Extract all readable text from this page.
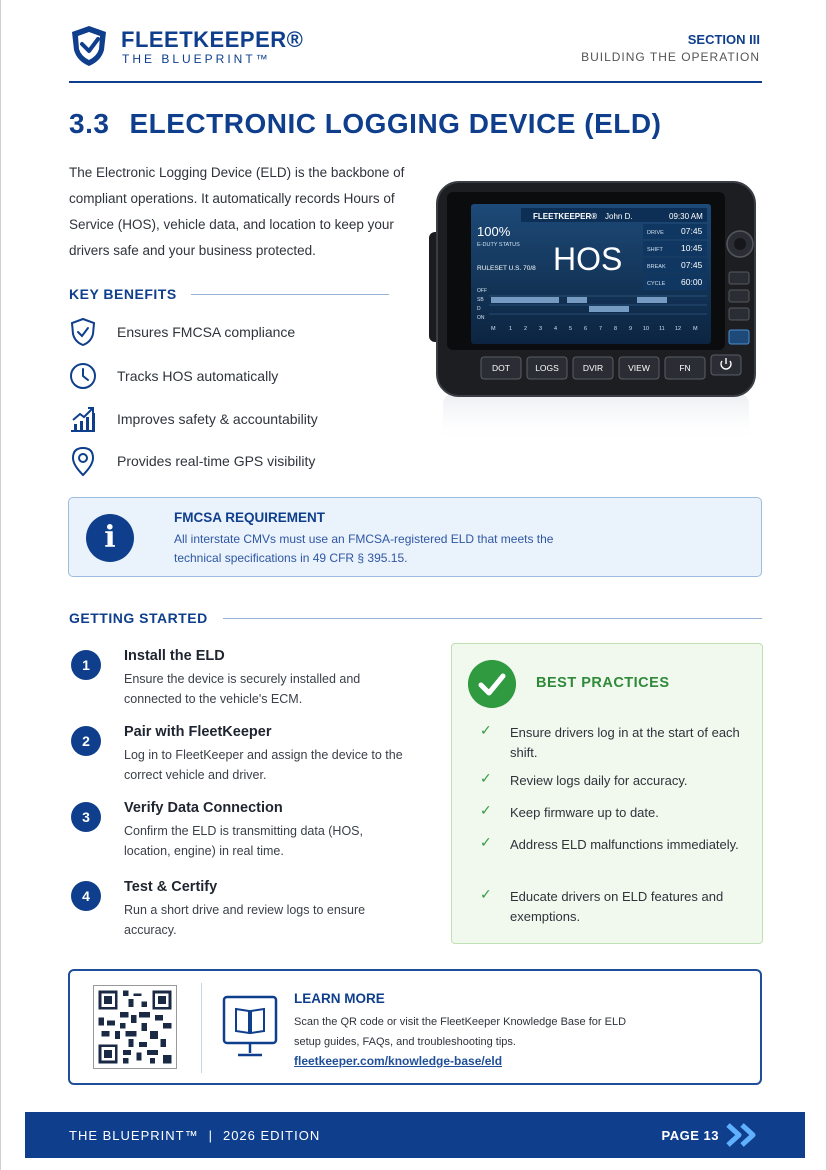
FLEETKEEPER®
THE BLUEPRINT™
SECTION III
BUILDING THE OPERATION
3.3 ELECTRONIC LOGGING DEVICE (ELD)
The Electronic Logging Device (ELD) is the backbone of compliant operations. It automatically records Hours of Service (HOS), vehicle data, and location to keep your drivers safe and your business protected.
FLEETKEEPER® John D.	09:30 AM
100%
E-DUTY STATUS
RULESET U.S. 70/8 HOS
DRIVE 07:45
SHIFT 10:45
BREAK 07:45
CYCLE 60:00
OFF
SB
D
ON
M 1 2 3 4 5 6 7 8 9 10 11 12 M
DOT	LOGS	DVIR	VIEW	FN
KEY BENEFITS
Ensures FMCSA compliance
Tracks HOS automatically
Improves safety & accountability
Provides real-time GPS visibility
i
FMCSA REQUIREMENT
All interstate CMVs must use an FMCSA-registered ELD that meets the technical specifications in 49 CFR § 395.15.
GETTING STARTED
1
Install the ELD
Ensure the device is securely installed and connected to the vehicle's ECM.
2
Pair with FleetKeeper
Log in to FleetKeeper and assign the device to the correct vehicle and driver.
3
Verify Data Connection
Confirm the ELD is transmitting data (HOS, location, engine) in real time.
4
Test & Certify
Run a short drive and review logs to ensure accuracy.
BEST PRACTICES
✓ Ensure drivers log in at the start of each shift.
✓ Review logs daily for accuracy.
✓ Keep firmware up to date.
✓ Address ELD malfunctions immediately.
✓ Educate drivers on ELD features and exemptions.
LEARN MORE
Scan the QR code or visit the FleetKeeper Knowledge Base for ELD setup guides, FAQs, and troubleshooting tips.
fleetkeeper.com/knowledge-base/eld
THE BLUEPRINT™ | 2026 EDITION	PAGE 13
